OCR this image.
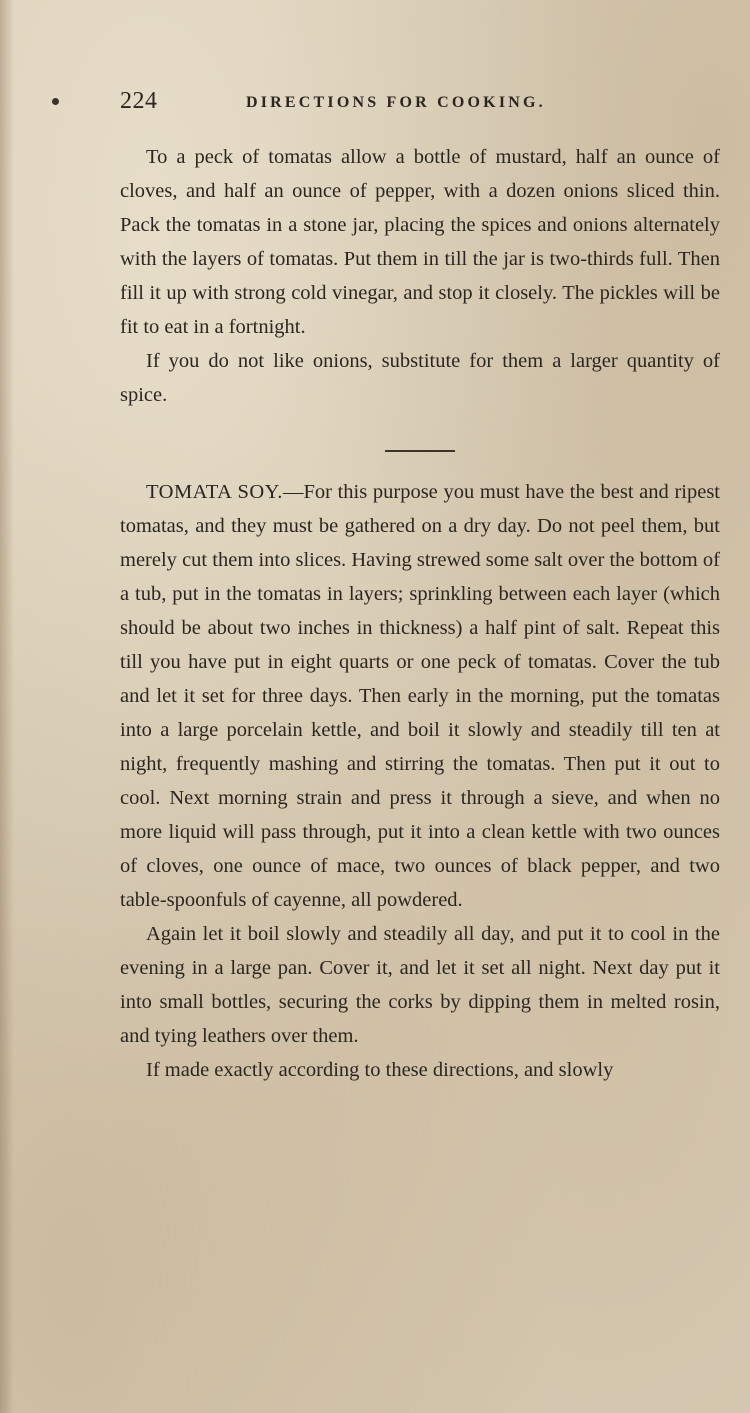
224	DIRECTIONS FOR COOKING.

To a peck of tomatas allow a bottle of mustard, half an ounce of cloves, and half an ounce of pepper, with a dozen onions sliced thin. Pack the tomatas in a stone jar, placing the spices and onions alternately with the layers of tomatas. Put them in till the jar is two-thirds full. Then fill it up with strong cold vinegar, and stop it closely. The pickles will be fit to eat in a fortnight.

If you do not like onions, substitute for them a larger quantity of spice.

TOMATA SOY.—For this purpose you must have the best and ripest tomatas, and they must be gathered on a dry day. Do not peel them, but merely cut them into slices. Having strewed some salt over the bottom of a tub, put in the tomatas in layers; sprinkling between each layer (which should be about two inches in thickness) a half pint of salt. Repeat this till you have put in eight quarts or one peck of tomatas. Cover the tub and let it set for three days. Then early in the morning, put the tomatas into a large porcelain kettle, and boil it slowly and steadily till ten at night, frequently mashing and stirring the tomatas. Then put it out to cool. Next morning strain and press it through a sieve, and when no more liquid will pass through, put it into a clean kettle with two ounces of cloves, one ounce of mace, two ounces of black pepper, and two table-spoonfuls of cayenne, all powdered.

Again let it boil slowly and steadily all day, and put it to cool in the evening in a large pan. Cover it, and let it set all night. Next day put it into small bottles, securing the corks by dipping them in melted rosin, and tying leathers over them.

If made exactly according to these directions, and slowly
